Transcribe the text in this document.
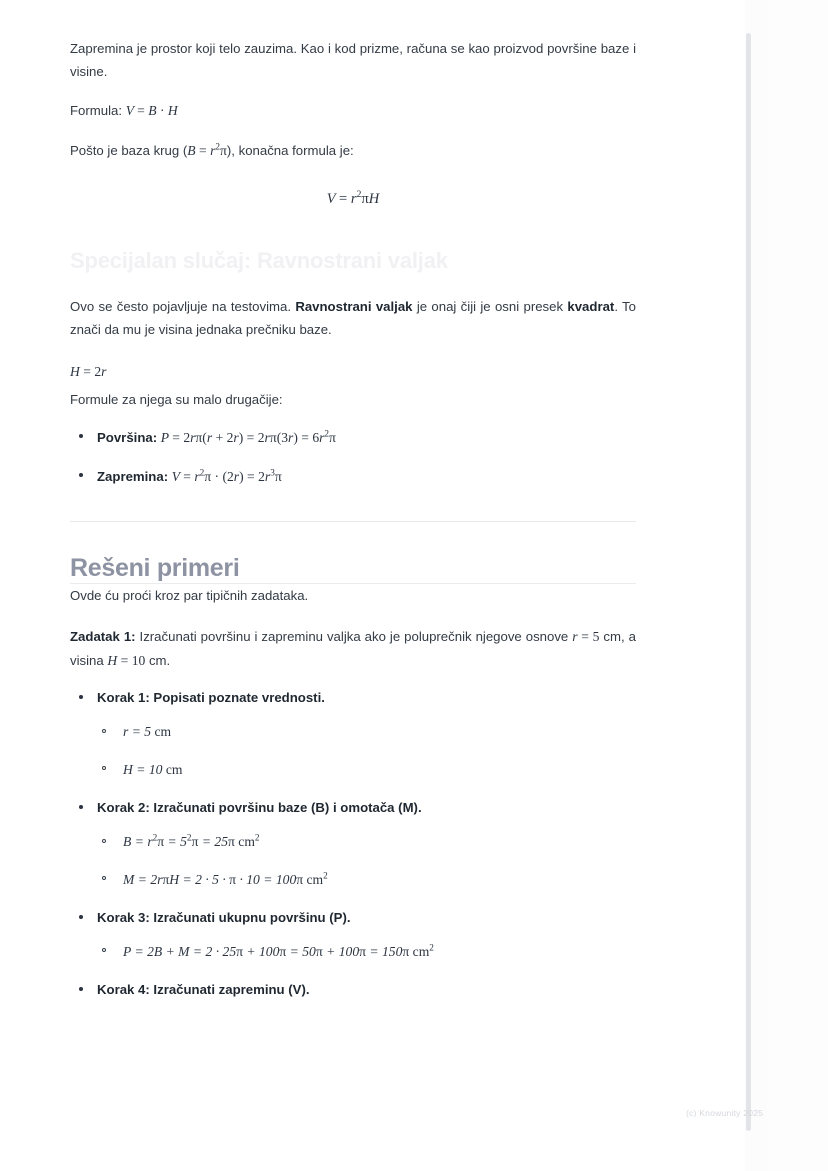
Zapremina je prostor koji telo zauzima. Kao i kod prizme, računa se kao proizvod površine baze i visine.

Formula: V = B · H

Pošto je baza krug $(B = r^2\pi)$, konačna formula je:

$V = r^2\pi H$
Specijalan slučaj: Ravnostrani valjak

Ovo se često pojavljuje na testovima. Ravnostrani valjak je onaj čiji je osni presek kvadrat. To znači da mu je visina jednaka prečniku baze.

H = 2r

Formule za njega su malo drugačije:

Površina: $P = 2r\pi(r + 2r) = 2r\pi(3r) = 6r^2\pi$
Zapremina: $V = r^2\pi \cdot (2r) = 2r^3\pi$
Rešeni primeri

Ovde ću proći kroz par tipičnih zadataka.

Zadatak 1: Izračunati površinu i zapreminu valjka ako je poluprečnik njegove osnove r = 5 cm, a visina H = 10 cm.

Korak 1: Popisati poznate vrednosti.
r = 5 cm
H = 10 cm
Korak 2: Izračunati površinu baze (B) i omotača (M).
$B = r^2\pi = 5^2\pi = 25\pi$ $cm^2$
M = 2rπH = 2 · 5 · π · 10 = 100π $cm^2$
Korak 3: Izračunati ukupnu površinu (P).
P = 2B + M = 2 · 25π + 100π = 50π + 100π = 150π $cm^2$
Korak 4: Izračunati zapreminu (V).
(c) Knowunity 2025
